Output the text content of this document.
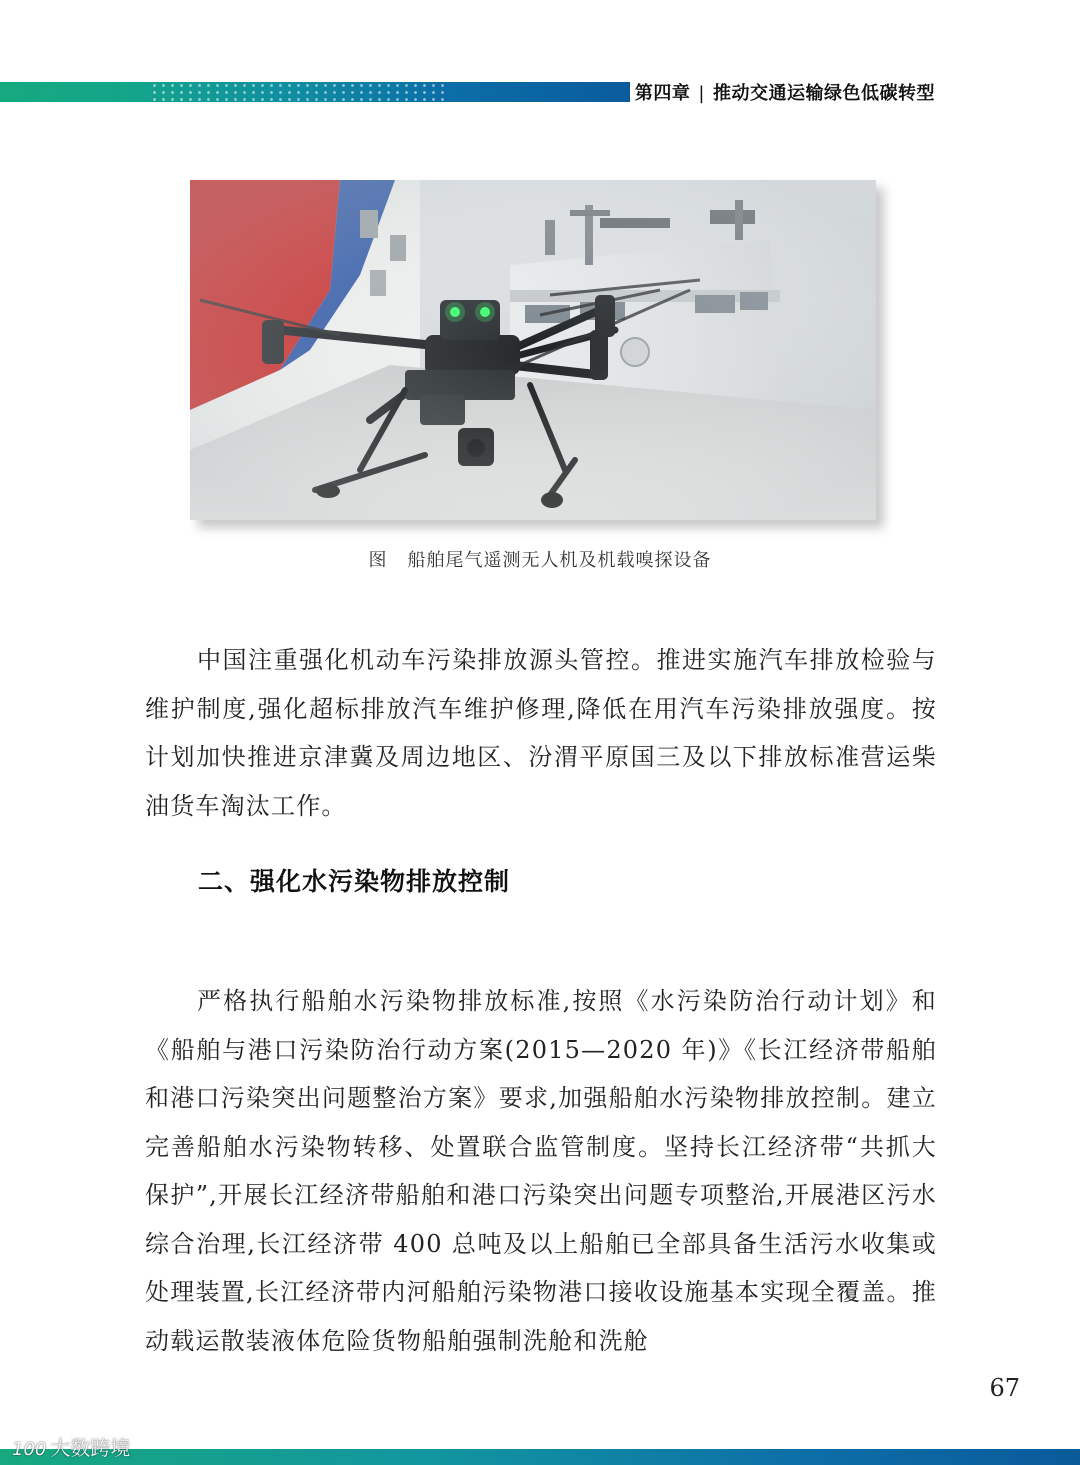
第四章 | 推动交通运输绿色低碳转型
图 船舶尾气遥测无人机及机载嗅探设备

中国注重强化机动车污染排放源头管控。推进实施汽车排放检验与维护制度,强化超标排放汽车维护修理,降低在用汽车污染排放强度。按计划加快推进京津冀及周边地区、汾渭平原国三及以下排放标准营运柴油货车淘汰工作。

二、强化水污染物排放控制

严格执行船舶水污染物排放标准,按照《水污染防治行动计划》和《船舶与港口污染防治行动方案(2015—2020 年)》《长江经济带船舶和港口污染突出问题整治方案》要求,加强船舶水污染物排放控制。建立完善船舶水污染物转移、处置联合监管制度。坚持长江经济带“共抓大保护”,开展长江经济带船舶和港口污染突出问题专项整治,开展港区污水综合治理,长江经济带 400 总吨及以上船舶已全部具备生活污水收集或处理装置,长江经济带内河船舶污染物港口接收设施基本实现全覆盖。推动载运散装液体危险货物船舶强制洗舱和洗舱

67
100 大数跨境
